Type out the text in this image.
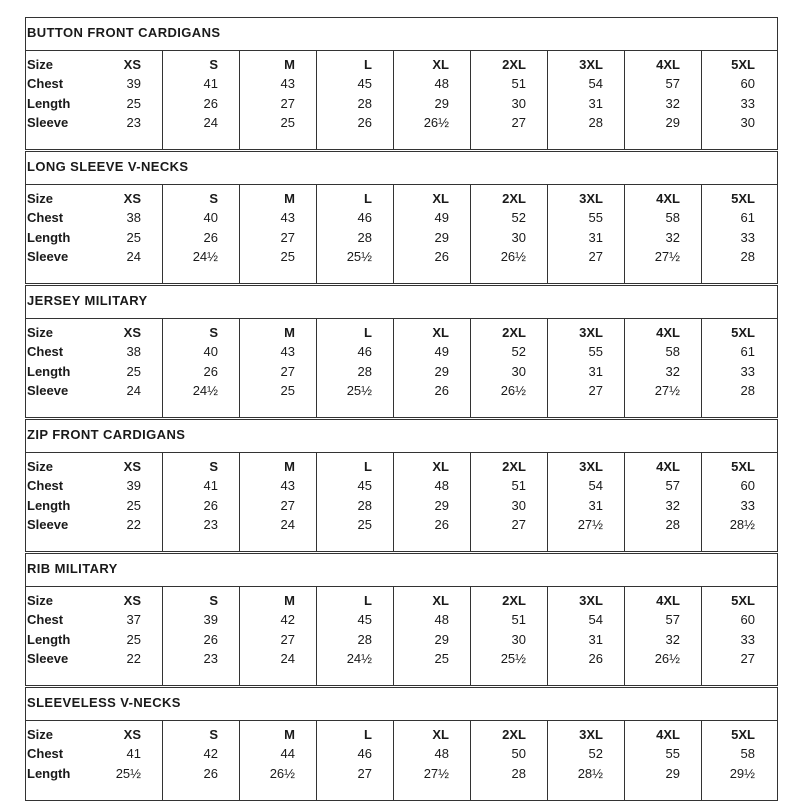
BUTTON FRONT CARDIGANS
Size	XS	S	M	L	XL	2XL	3XL	4XL	5XL
Chest	39	41	43	45	48	51	54	57	60
Length	25	26	27	28	29	30	31	32	33
Sleeve	23	24	25	26	26½	27	28	29	30
LONG SLEEVE V-NECKS
Size	XS	S	M	L	XL	2XL	3XL	4XL	5XL
Chest	38	40	43	46	49	52	55	58	61
Length	25	26	27	28	29	30	31	32	33
Sleeve	24	24½	25	25½	26	26½	27	27½	28
JERSEY MILITARY
Size	XS	S	M	L	XL	2XL	3XL	4XL	5XL
Chest	38	40	43	46	49	52	55	58	61
Length	25	26	27	28	29	30	31	32	33
Sleeve	24	24½	25	25½	26	26½	27	27½	28
ZIP FRONT CARDIGANS
Size	XS	S	M	L	XL	2XL	3XL	4XL	5XL
Chest	39	41	43	45	48	51	54	57	60
Length	25	26	27	28	29	30	31	32	33
Sleeve	22	23	24	25	26	27	27½	28	28½
RIB MILITARY
Size	XS	S	M	L	XL	2XL	3XL	4XL	5XL
Chest	37	39	42	45	48	51	54	57	60
Length	25	26	27	28	29	30	31	32	33
Sleeve	22	23	24	24½	25	25½	26	26½	27
SLEEVELESS V-NECKS
Size	XS	S	M	L	XL	2XL	3XL	4XL	5XL
Chest	41	42	44	46	48	50	52	55	58
Length	25½	26	26½	27	27½	28	28½	29	29½
